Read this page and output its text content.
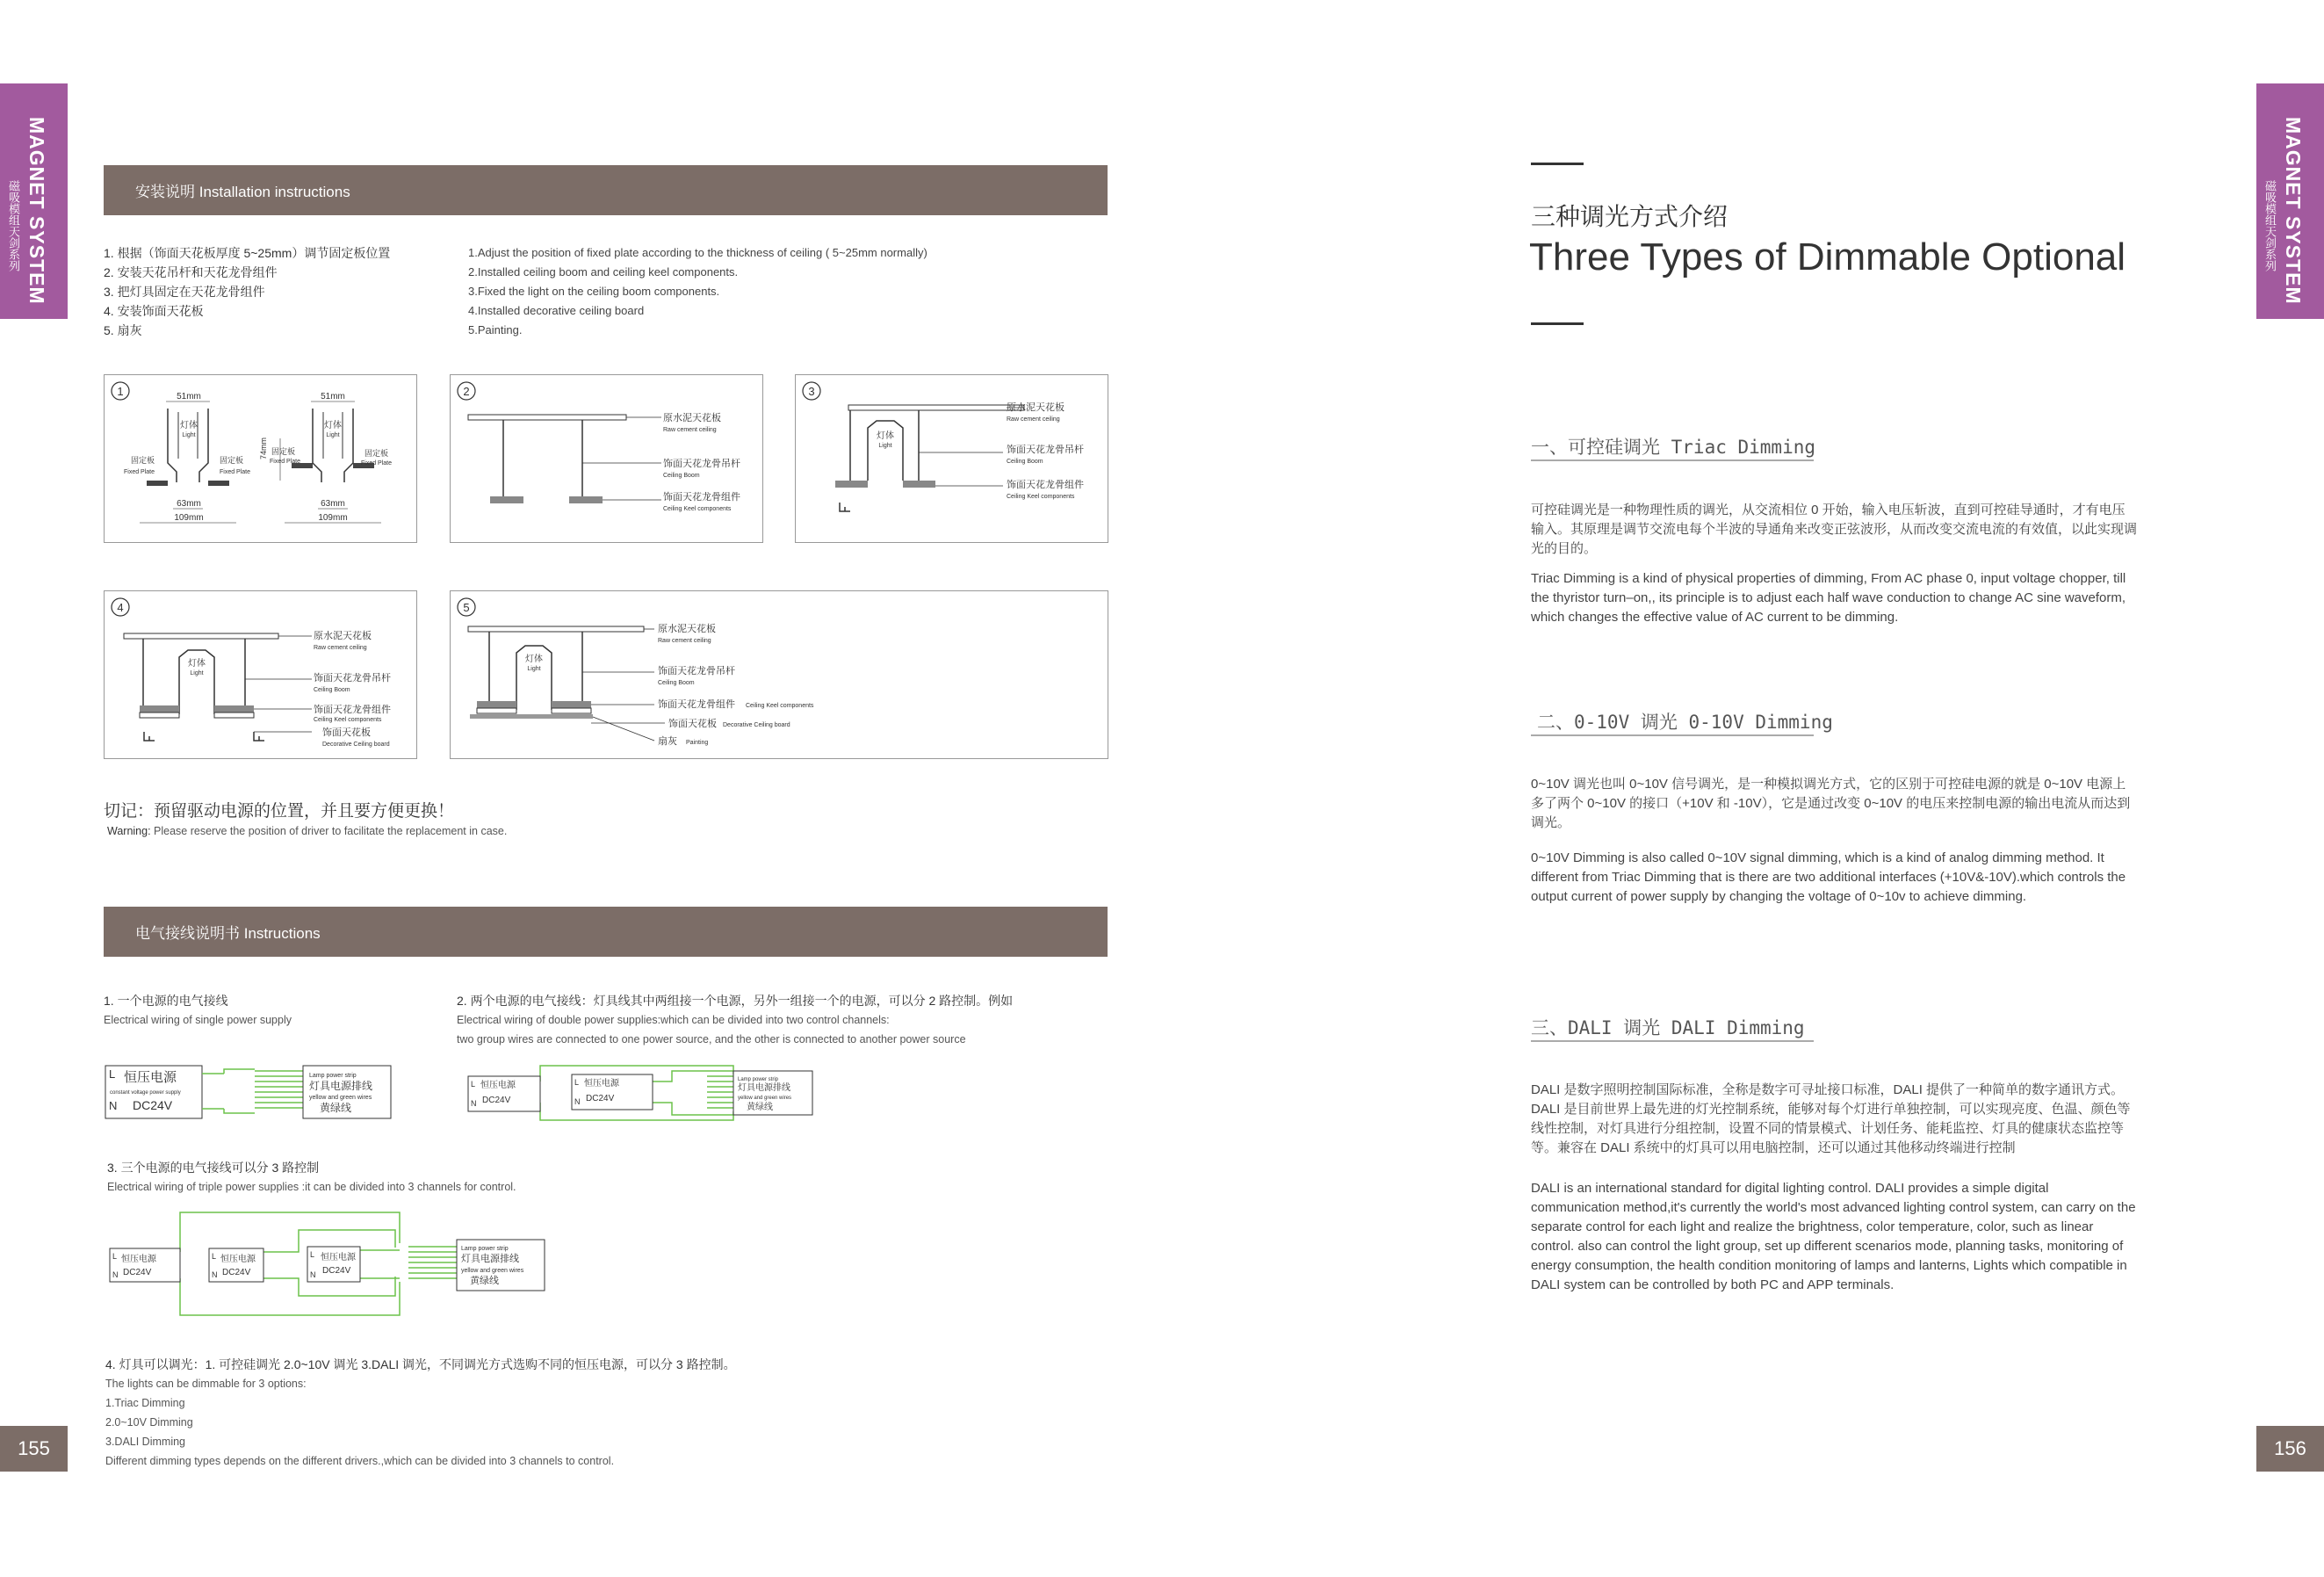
MAGNET SYSTEM
磁吸模组天剑系列	MAGNET SYSTEM
磁吸模组天剑系列
155	156
安装说明 Installation instructions
1. 根据（饰面天花板厚度 5~25mm）调节固定板位置
2. 安装天花吊杆和天花龙骨组件
3. 把灯具固定在天花龙骨组件
4. 安装饰面天花板
5. 扇灰
1.Adjust the position of fixed plate according to the thickness of ceiling ( 5~25mm normally)
2.Installed ceiling boom and ceiling keel components.
3.Fixed the light on the ceiling boom components.
4.Installed decorative ceiling board
5.Painting.
1	51mm
灯体
Light
固定板
Fixed Plate
固定板
Fixed Plate
63mm
109mm
51mm
灯体
Light
74mm 固定板
Fixed Plate
固定板
Fixed Plate
63mm
109mm
2
原水泥天花板
Raw cement ceiling
饰面天花龙骨吊杆
Ceiling Boom
饰面天花龙骨组件
Ceiling Keel components
3
灯体
Light
原水泥天花板
Raw cement ceiling
饰面天花龙骨吊杆
Ceiling Boom
饰面天花龙骨组件
Ceiling Keel components
4
灯体
Light
原水泥天花板
Raw cement ceiling
饰面天花龙骨吊杆
Ceiling Boom
饰面天花龙骨组件
Ceiling Keel components
饰面天花板
Decorative Ceiling board
5
灯体
Light
原水泥天花板
Raw cement ceiling
饰面天花龙骨吊杆
Ceiling Boom
饰面天花龙骨组件 Ceiling Keel components
饰面天花板 Decorative Ceiling board
扇灰 Painting
切记：预留驱动电源的位置，并且要方便更换！
Warning: Please reserve the position of driver to facilitate the replacement in case.
电气接线说明书 Instructions
1. 一个电源的电气接线
Electrical wiring of single power supply
L
N
恒压电源
constant voltage power supply
DC24V
Lamp power strip
灯具电源排线
yellow and green wires
黄绿线
2. 两个电源的电气接线：灯具线其中两组接一个电源，另外一组接一个的电源，可以分 2 路控制。例如
Electrical wiring of double power supplies:which can be divided into two control channels:
two group wires are connected to one power source, and the other is connected to another power source
L
N
恒压电源
DC24V
L
N
恒压电源
DC24V
Lamp power strip
灯具电源排线
yellow and green wires
黄绿线
3. 三个电源的电气接线可以分 3 路控制
Electrical wiring of triple power supplies :it can be divided into 3 channels for control.
L
N
恒压电源
DC24V
L
N
恒压电源
DC24V
L
N
恒压电源
DC24V
Lamp power strip
灯具电源排线
yellow and green wires
黄绿线
4. 灯具可以调光：1. 可控硅调光 2.0~10V 调光 3.DALI 调光，不同调光方式选购不同的恒压电源，可以分 3 路控制。
The lights can be dimmable for 3 options:
1.Triac Dimming
2.0~10V Dimming
3.DALI Dimming
Different dimming types depends on the different drivers.,which can be divided into 3 channels to control.
三种调光方式介绍
Three Types of Dimmable Optional
一、可控硅调光 Triac Dimming
可控硅调光是一种物理性质的调光，从交流相位 0 开始，输入电压斩波，直到可控硅导通时，才有电压输入。其原理是调节交流电每个半波的导通角来改变正弦波形，从而改变交流电流的有效值，以此实现调光的目的。
Triac Dimming is a kind of physical properties of dimming, From AC phase 0, input voltage chopper, till the thyristor turn–on,, its principle is to adjust each half wave conduction to change AC sine waveform, which changes the effective value of AC current to be dimming.
二、0-10V 调光 0-10V Dimming
0~10V 调光也叫 0~10V 信号调光，是一种模拟调光方式，它的区别于可控硅电源的就是 0~10V 电源上多了两个 0~10V 的接口（+10V 和 -10V），它是通过改变 0~10V 的电压来控制电源的输出电流从而达到调光。
0~10V Dimming is also called 0~10V signal dimming, which is a kind of analog dimming method. It different from Triac Dimming that is there are two additional interfaces (+10V&-10V).which controls the output current of power supply by changing the voltage of 0~10v to achieve dimming.
三、DALI 调光 DALI Dimming
DALI 是数字照明控制国际标准，全称是数字可寻址接口标准，DALI 提供了一种简单的数字通讯方式。DALI 是目前世界上最先进的灯光控制系统，能够对每个灯进行单独控制，可以实现亮度、色温、颜色等线性控制，对灯具进行分组控制，设置不同的情景模式、计划任务、能耗监控、灯具的健康状态监控等等。兼容在 DALI 系统中的灯具可以用电脑控制，还可以通过其他移动终端进行控制
DALI is an international standard for digital lighting control. DALI provides a simple digital communication method,it's currently the world's most advanced lighting control system, can carry on the separate control for each light and realize the brightness, color temperature, color, such as linear control. also can control the light group, set up different scenarios mode, planning tasks, monitoring of energy consumption, the health condition monitoring of lamps and lanterns, Lights which compatible in DALI system can be controlled by both PC and APP terminals.
